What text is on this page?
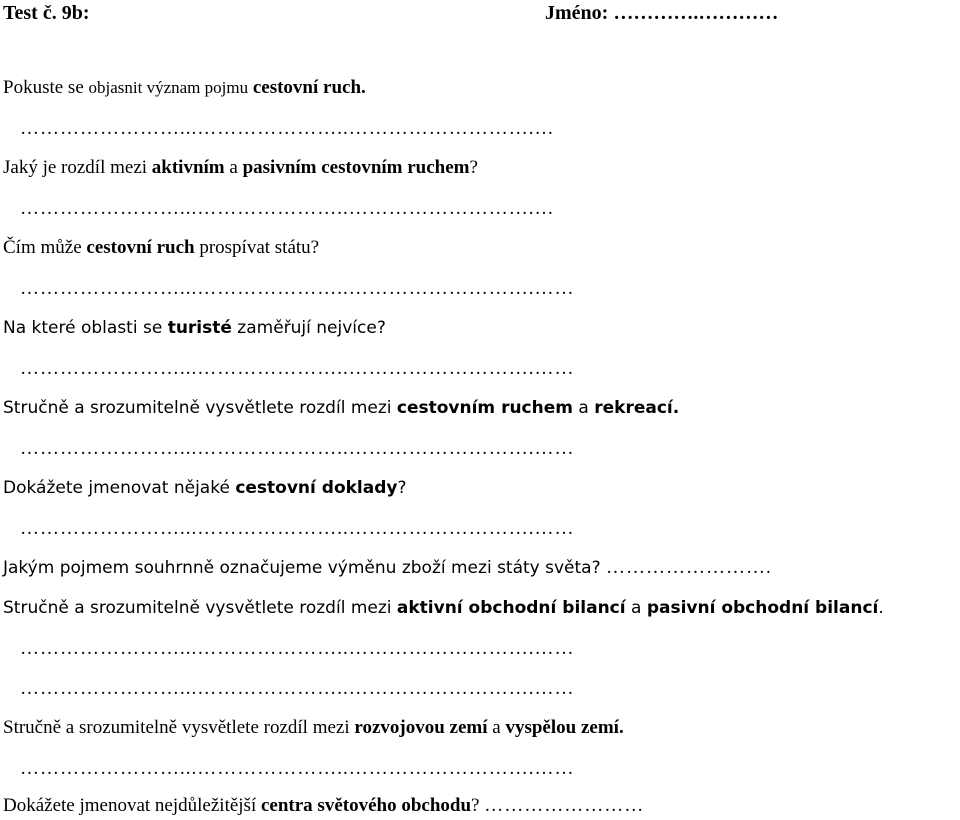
Test č. 9b:	Jméno: ………….…………
Pokuste se objasnit význam pojmu cestovní ruch.
……………………...…………………..……………………….…
Jaký je rozdíl mezi aktivním a pasivním cestovním ruchem?
……………………...…………………..……………………….…
Čím může cestovní ruch prospívat státu?
……………………...…………………..……………………….……
Na které oblasti se turisté zaměřují nejvíce?
……………………...…………………..……………………….……
Stručně a srozumitelně vysvětlete rozdíl mezi cestovním ruchem a rekreací.
……………………...…………………..……………………….……
Dokážete jmenovat nějaké cestovní doklady?
……………………...…………………..……………………….……
Jakým pojmem souhrnně označujeme výměnu zboží mezi státy světa? …………………….
Stručně a srozumitelně vysvětlete rozdíl mezi aktivní obchodní bilancí a pasivní obchodní bilancí.
……………………...…………………..……………………….……
……………………...…………………..……………………….……
Stručně a srozumitelně vysvětlete rozdíl mezi rozvojovou zemí a vyspělou zemí.
……………………...…………………..……………………….……
Dokážete jmenovat nejdůležitější centra světového obchodu? ……………………
